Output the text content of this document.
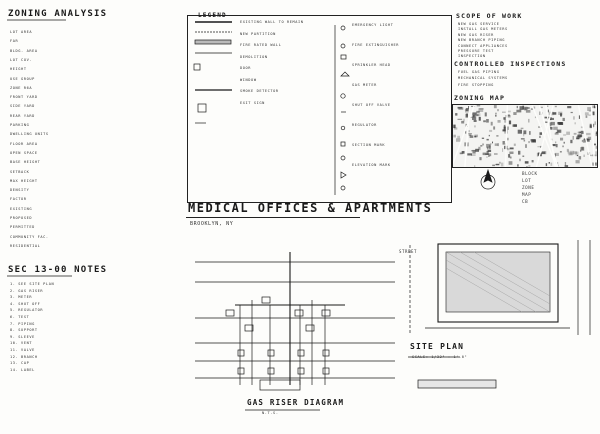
ZONING ANALYSIS
LOT AREA
FAR
BLDG. AREA
LOT COV.
HEIGHT
USE GROUP
ZONE R6A
FRONT YARD
SIDE YARD
REAR YARD
PARKING
DWELLING UNITS
FLOOR AREA
OPEN SPACE
BASE HEIGHT
SETBACK
MAX HEIGHT
DENSITY
FACTOR
EXISTING
PROPOSED
PERMITTED
COMMUNITY FAC.
RESIDENTIAL
SEC 13-00 NOTES
1. SEE SITE PLAN
2. GAS RISER
3. METER
4. SHUT OFF
5. REGULATOR
6. TEST
7. PIPING
8. SUPPORT
9. SLEEVE
10. VENT
11. VALVE
12. BRANCH
13. CAP
14. LABEL
LEGEND
EXISTING WALL TO REMAIN
NEW PARTITION
FIRE RATED WALL
DEMOLITION
DOOR
WINDOW
SMOKE DETECTOR
EXIT SIGN
EMERGENCY LIGHT
FIRE EXTINGUISHER
SPRINKLER HEAD
GAS METER
SHUT OFF VALVE
REGULATOR
SECTION MARK
ELEVATION MARK
SCOPE OF WORK
NEW GAS SERVICE
INSTALL GAS METERS
NEW GAS RISER
NEW BRANCH PIPING
CONNECT APPLIANCES
PRESSURE TEST
INSPECTION
CONTROLLED INSPECTIONS
FUEL GAS PIPING
MECHANICAL SYSTEMS
FIRE STOPPING
ZONING MAP
BLOCK
LOT
ZONE
MAP
CB
MEDICAL OFFICES & APARTMENTS
BROOKLYN, NY
STREET
GAS RISER DIAGRAM
N.T.S.
SITE PLAN
SCALE: 1/32" = 1'-0"
